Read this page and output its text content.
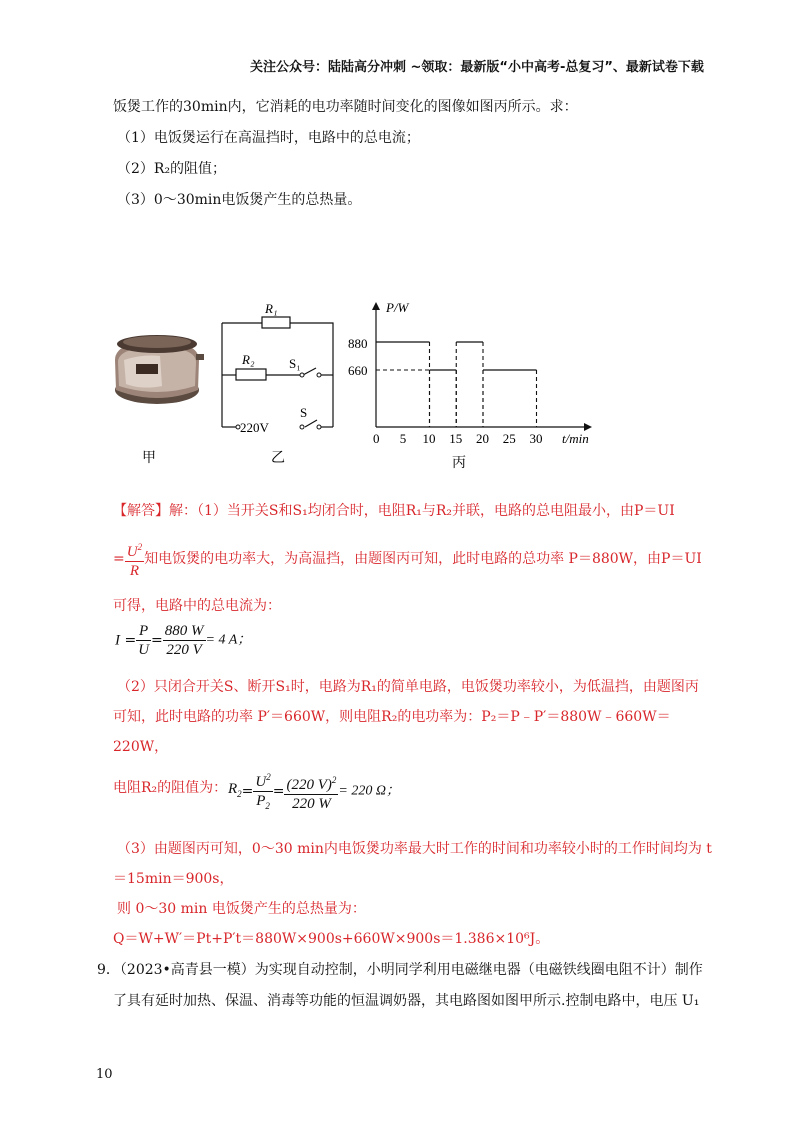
关注公众号：陆陆高分冲刺 ~领取：最新版“小中高考-总复习”、最新试卷下载
饭煲工作的30min内，它消耗的电功率随时间变化的图像如图丙所示。求：
（1）电饭煲运行在高温挡时，电路中的总电流；
（2）R₂的阻值；
（3）0～30min电饭煲产生的总热量。
甲
R₁
R₂	S₁
S
220V
乙
P/W
t/min
880
660
0 5 10 15 20 25 30
丙
【解答】解：（1）当开关S和S₁均闭合时，电阻R₁与R₂并联，电路的总电阻最小，由P＝UI
= $\frac{U^2}{R}$ 知电饭煲的电功率大，为高温挡，由题图丙可知，此时电路的总功率 P＝880W，由P＝UI
可得，电路中的总电流为：
$I = \frac{P}{U} = \frac{880 W}{220 V} = 4$ A；
（2）只闭合开关S、断开S₁时，电路为R₁的简单电路，电饭煲功率较小，为低温挡，由题图丙
可知，此时电路的功率 P′＝660W，则电阻R₂的电功率为：P₂＝P﹣P′＝880W﹣660W＝
220W，
电阻R₂的阻值为： $R_2= \frac{U^2}{P_2} = \frac{(220 V)^2}{220 W} = 220$ Ω；
（3）由题图丙可知，0～30 min内电饭煲功率最大时工作的时间和功率较小时的工作时间均为 t
＝15min＝900s，
则 0～30 min 电饭煲产生的总热量为：
Q＝W+W′＝Pt+P′t＝880W×900s+660W×900s＝1.386×10⁶J。
9．（2023•高青县一模）为实现自动控制，小明同学利用电磁继电器（电磁铁线圈电阻不计）制作
了具有延时加热、保温、消毒等功能的恒温调奶器，其电路图如图甲所示.控制电路中，电压 U₁
10
